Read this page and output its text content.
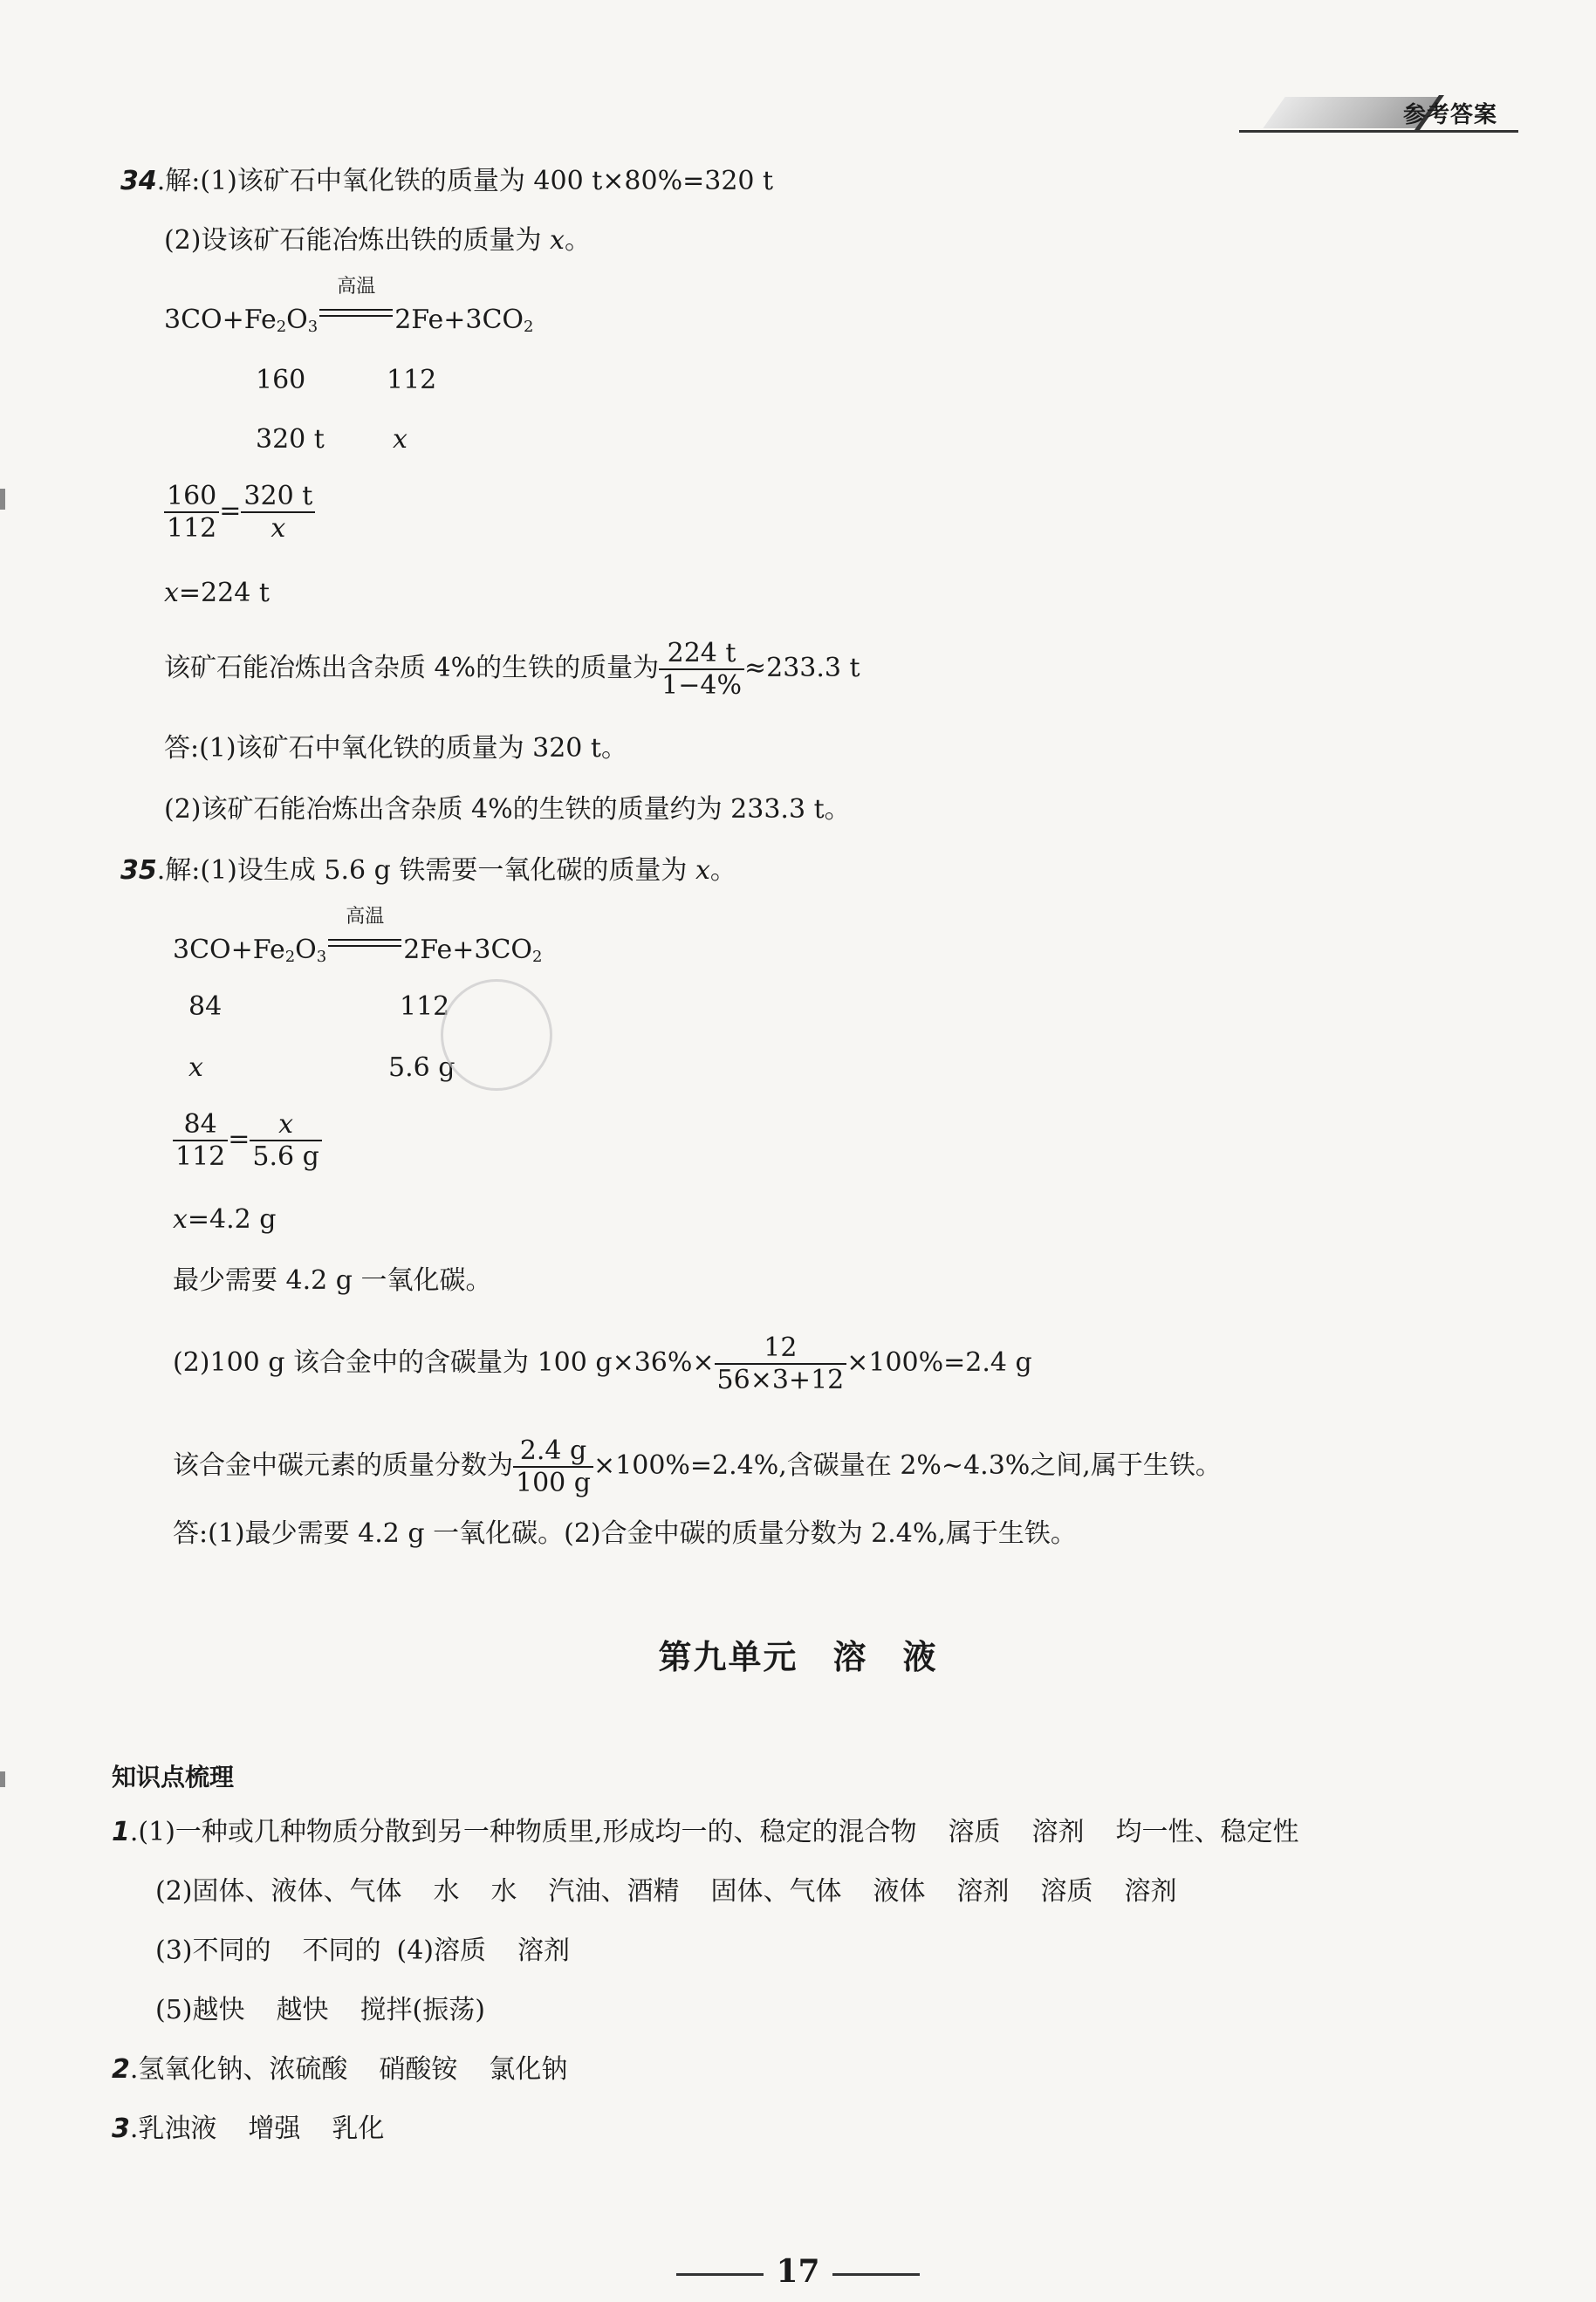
参考答案
34.解:(1)该矿石中氧化铁的质量为 400 t×80%=320 t
(2)设该矿石能冶炼出铁的质量为 x。
$3CO+Fe_2O_3$
高温
$2Fe+3CO_2$
160	112
320 t	x
$\frac{160}{112} = \frac{320 t}{x}$
x=224 t
该矿石能冶炼出含杂质 4%的生铁的质量为 $\frac{224 t}{1-4\%} \approx 233.3$ t
答:(1)该矿石中氧化铁的质量为 320 t。
(2)该矿石能冶炼出含杂质 4%的生铁的质量约为 233.3 t。
35.解:(1)设生成 5.6 g 铁需要一氧化碳的质量为 x。
$3CO+Fe_2O_3$
高温
$2Fe+3CO_2$
84	112
x	5.6 g
$\frac{84}{112} = \frac{x}{5.6 g}$
x=4.2 g
最少需要 4.2 g 一氧化碳。
(2)100 g 该合金中的含碳量为 100 $g\times 36\%\times \frac{12}{56\times 3+12} \times 100\%=2.4$ g
该合金中碳元素的质量分数为 $\frac{2.4 g}{100 g} \times 100\%=2.4\%$,含碳量在 2%~4.3%之间,属于生铁。
答:(1)最少需要 4.2 g 一氧化碳。(2)合金中碳的质量分数为 2.4%,属于生铁。
第九单元　溶　液
知识点梳理
1.(1)一种或几种物质分散到另一种物质里,形成均一的、稳定的混合物 溶质 溶剂 均一性、稳定性
(2)固体、液体、气体 水 水 汽油、酒精 固体、气体 液体 溶剂 溶质 溶剂
(3)不同的 不同的 (4)溶质 溶剂
(5)越快 越快 搅拌(振荡)
2.氢氧化钠、浓硫酸 硝酸铵 氯化钠
3.乳浊液 增强 乳化
17
